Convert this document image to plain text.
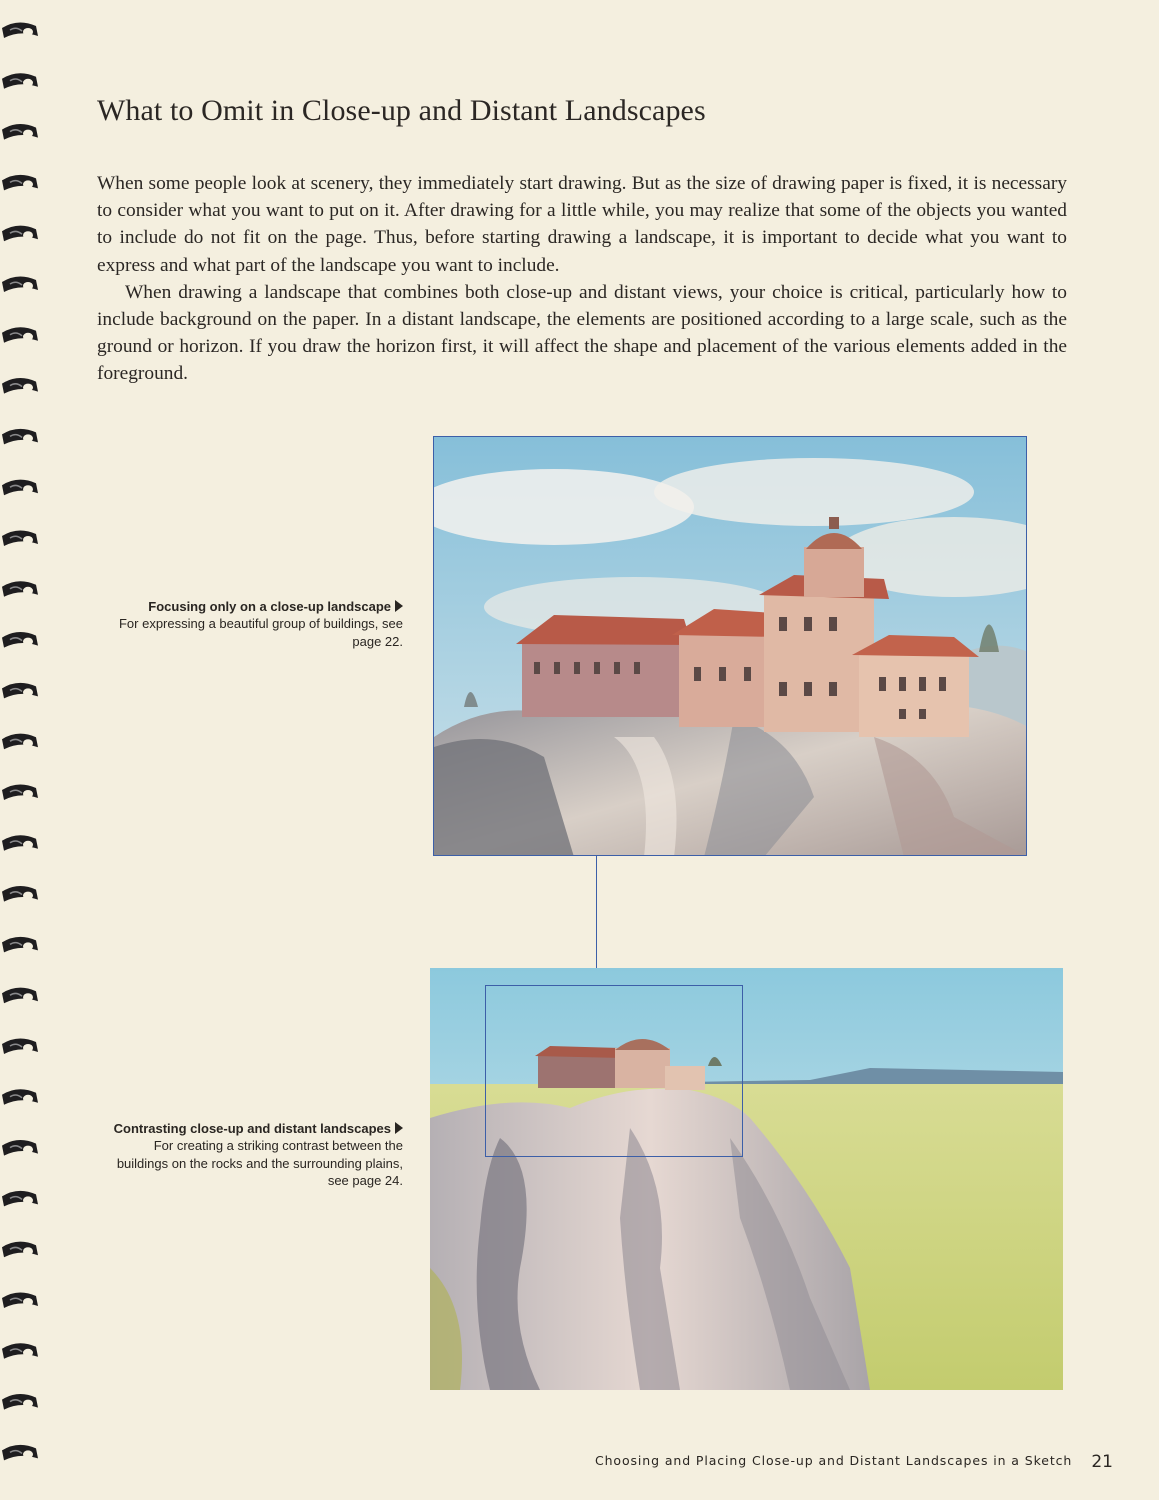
What to Omit in Close-up and Distant Landscapes

When some people look at scenery, they immediately start drawing. But as the size of drawing paper is fixed, it is necessary to consider what you want to put on it. After drawing for a little while, you may realize that some of the objects you wanted to include do not fit on the page. Thus, before starting drawing a landscape, it is important to decide what you want to express and what part of the landscape you want to include.

When drawing a landscape that combines both close-up and distant views, your choice is critical, particularly how to include background on the paper. In a distant landscape, the elements are positioned according to a large scale, such as the ground or horizon. If you draw the horizon first, it will affect the shape and placement of the various elements added in the foreground.

Focusing only on a close-up landscape
For expressing a beautiful group of buildings, see page 22.
Contrasting close-up and distant landscapes
For creating a striking contrast between the buildings on the rocks and the surrounding plains, see page 24.
Choosing and Placing Close-up and Distant Landscapes in a Sketch 21
